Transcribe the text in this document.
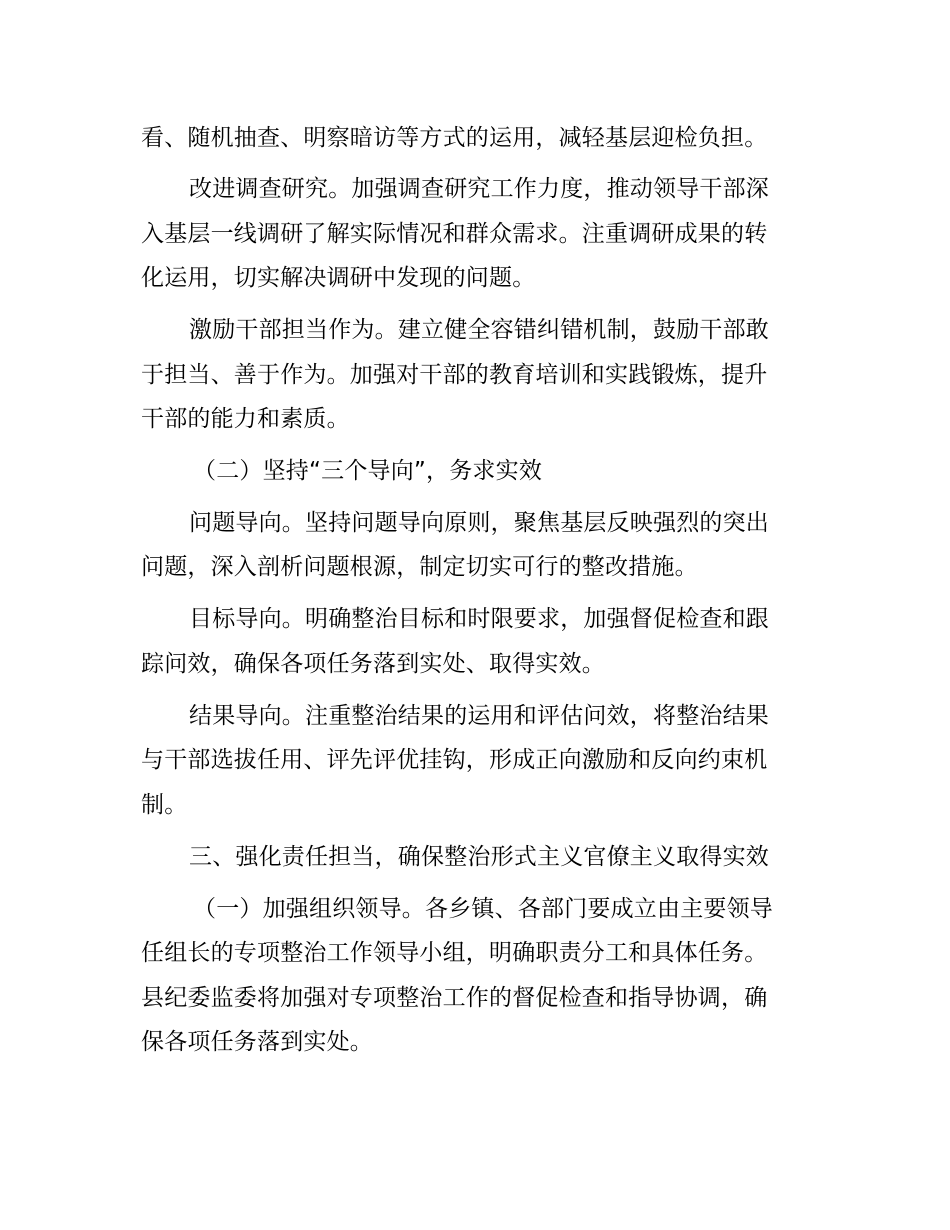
看、随机抽查、明察暗访等方式的运用，减轻基层迎检负担。
改进调查研究。加强调查研究工作力度，推动领导干部深
入基层一线调研了解实际情况和群众需求。注重调研成果的转
化运用，切实解决调研中发现的问题。
激励干部担当作为。建立健全容错纠错机制，鼓励干部敢
于担当、善于作为。加强对干部的教育培训和实践锻炼，提升
干部的能力和素质。
（二）坚持“三个导向”，务求实效
问题导向。坚持问题导向原则，聚焦基层反映强烈的突出
问题，深入剖析问题根源，制定切实可行的整改措施。
目标导向。明确整治目标和时限要求，加强督促检查和跟
踪问效，确保各项任务落到实处、取得实效。
结果导向。注重整治结果的运用和评估问效，将整治结果
与干部选拔任用、评先评优挂钩，形成正向激励和反向约束机
制。
三、强化责任担当，确保整治形式主义官僚主义取得实效
（一）加强组织领导。各乡镇、各部门要成立由主要领导
任组长的专项整治工作领导小组，明确职责分工和具体任务。
县纪委监委将加强对专项整治工作的督促检查和指导协调，确
保各项任务落到实处。
